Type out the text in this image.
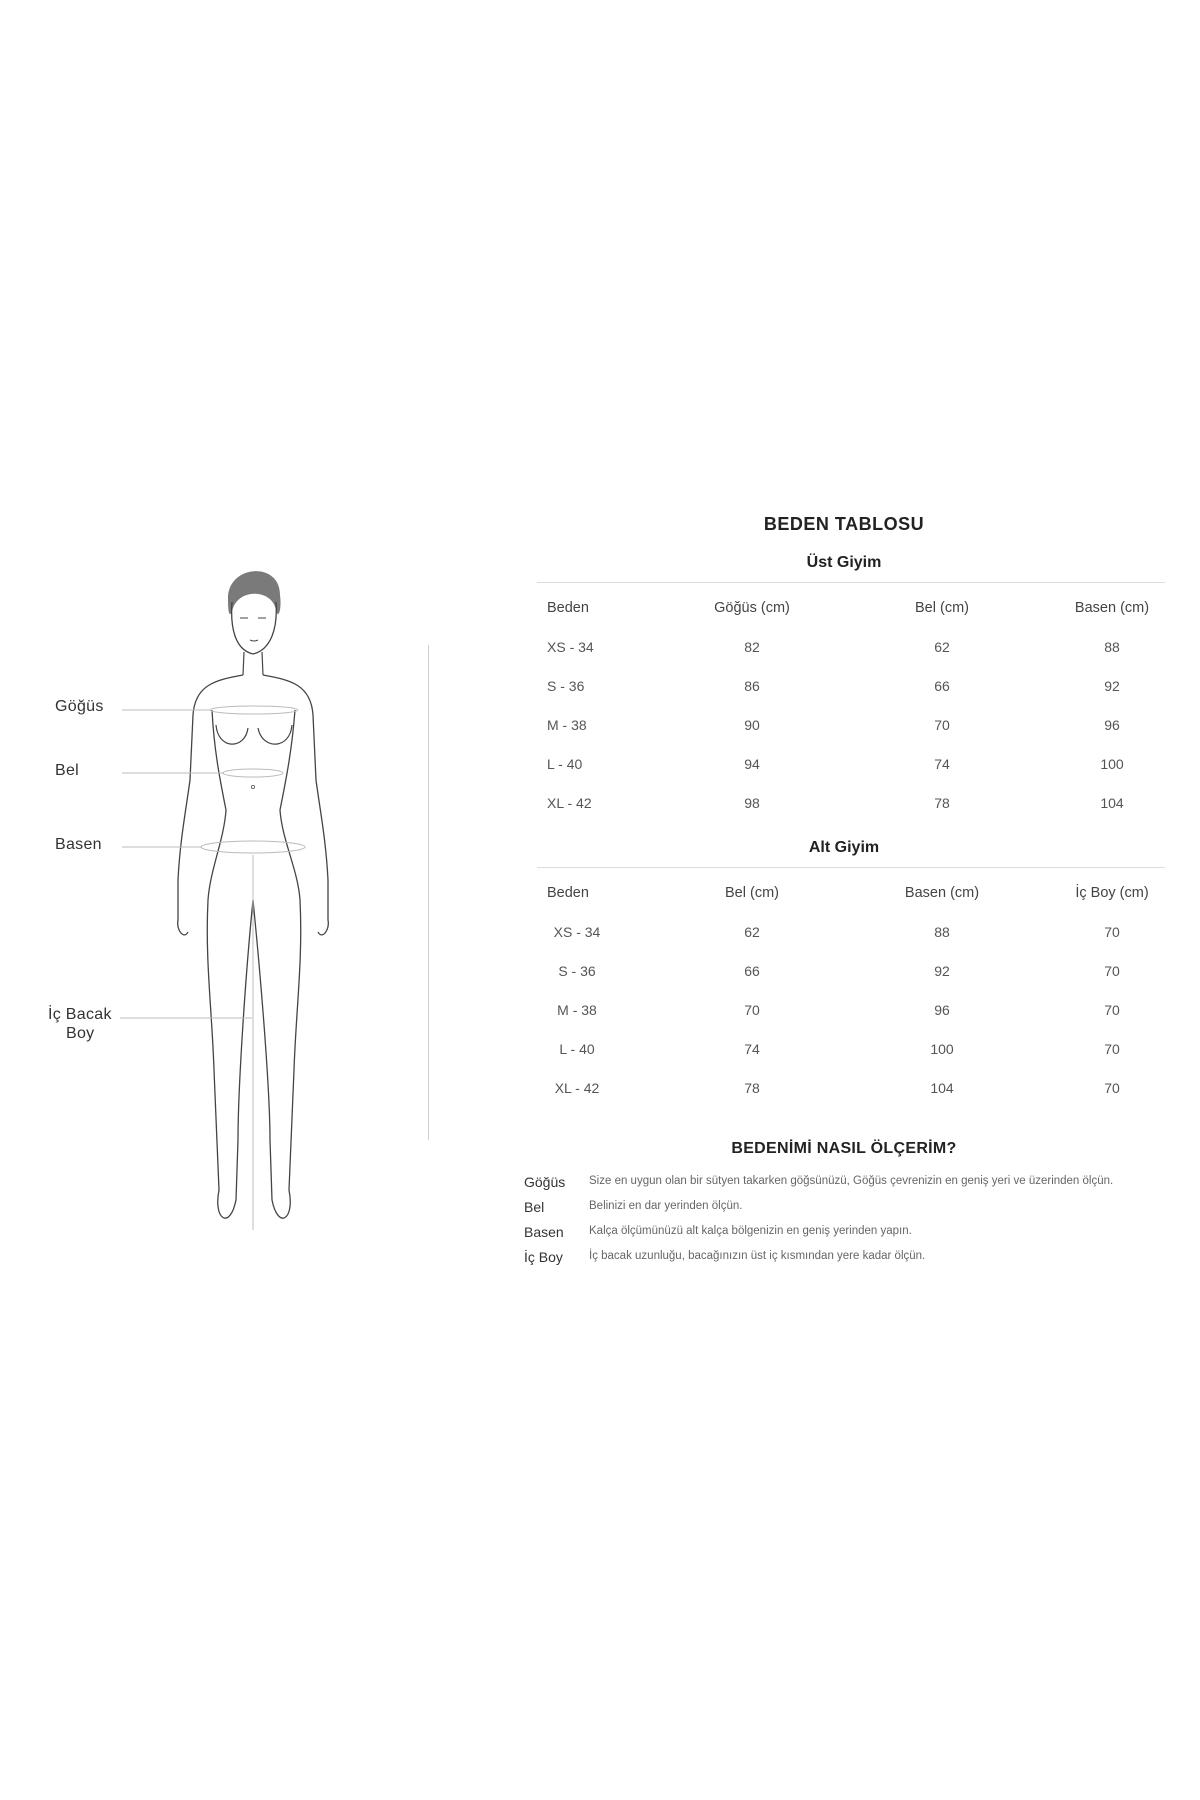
Göğüs
Bel
Basen
İç Bacak
Boy
BEDEN TABLOSU
Üst Giyim
Beden	Göğüs (cm)	Bel (cm)	Basen (cm)
XS - 34	82	62	88
S - 36	86	66	92
M - 38	90	70	96
L - 40	94	74	100
XL - 42	98	78	104
Alt Giyim
Beden	Bel (cm)	Basen (cm)	İç Boy (cm)
XS - 34	62	88	70
S - 36	66	92	70
M - 38	70	96	70
L - 40	74	100	70
XL - 42	78	104	70
BEDENİMİ NASIL ÖLÇERİM?
Göğüs Size en uygun olan bir sütyen takarken göğsünüzü, Göğüs çevrenizin en geniş yeri ve üzerinden ölçün.
Bel	Belinizi en dar yerinden ölçün.
Basen Kalça ölçümünüzü alt kalça bölgenizin en geniş yerinden yapın.
İç Boy İç bacak uzunluğu, bacağınızın üst iç kısmından yere kadar ölçün.
